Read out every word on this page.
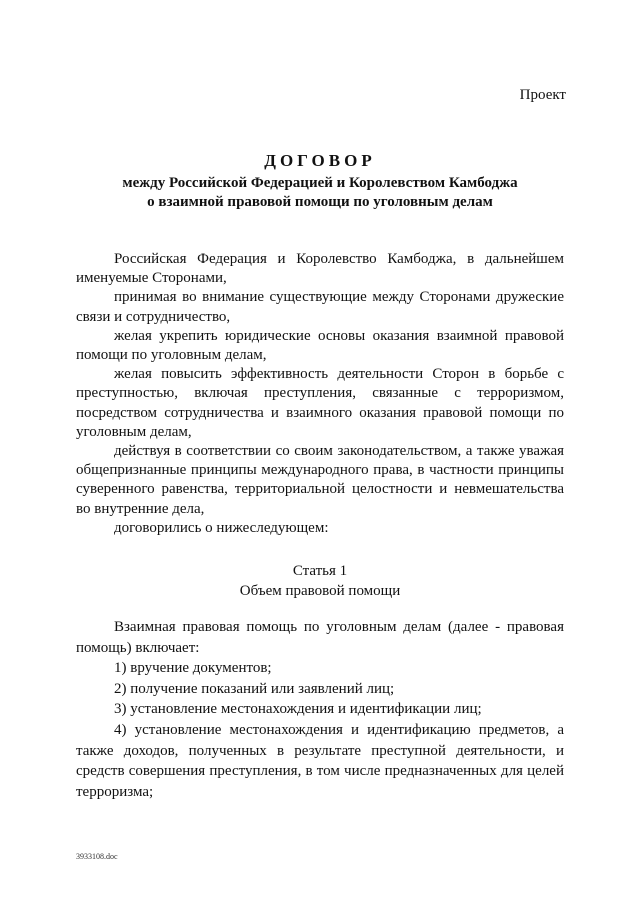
Проект
ДОГОВОР
между Российской Федерацией и Королевством Камбоджа
о взаимной правовой помощи по уголовным делам

Российская Федерация и Королевство Камбоджа, в дальнейшем именуемые Сторонами,

принимая во внимание существующие между Сторонами дружеские связи и сотрудничество,

желая укрепить юридические основы оказания взаимной правовой помощи по уголовным делам,

желая повысить эффективность деятельности Сторон в борьбе с преступностью, включая преступления, связанные с терроризмом, посредством сотрудничества и взаимного оказания правовой помощи по уголовным делам,

действуя в соответствии со своим законодательством, а также уважая общепризнанные принципы международного права, в частности принципы суверенного равенства, территориальной целостности и невмешательства во внутренние дела,

договорились о нижеследующем:

Статья 1
Объем правовой помощи

Взаимная правовая помощь по уголовным делам (далее - правовая помощь) включает:

1) вручение документов;

2) получение показаний или заявлений лиц;

3) установление местонахождения и идентификации лиц;

4) установление местонахождения и идентификацию предметов, а также доходов, полученных в результате преступной деятельности, и средств совершения преступления, в том числе предназначенных для целей терроризма;

3933108.doc
